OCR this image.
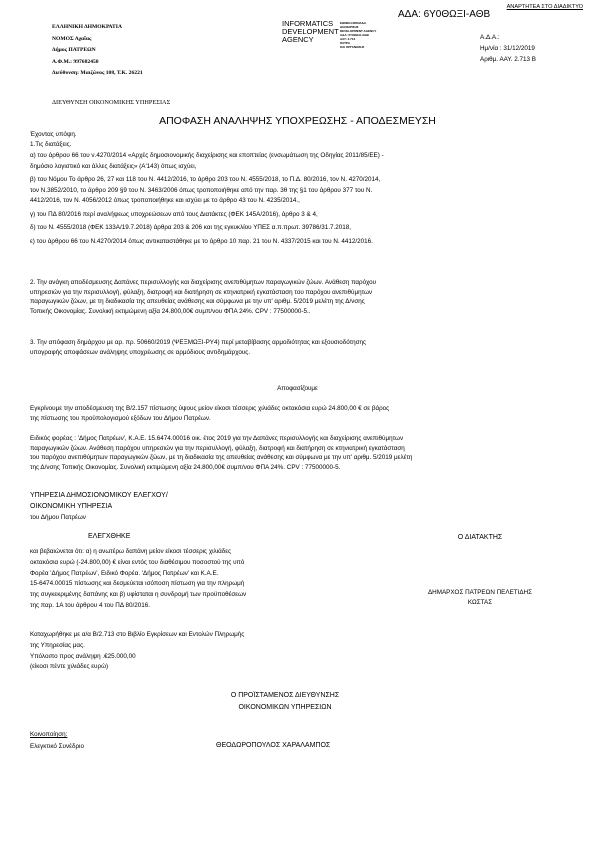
ΑΝΑΡΤΗΤΕΑ ΣΤΟ ΔΙΑΔΙΚΤΥΟ
ΑΔΑ: 6Υ0ΘΩΞΙ-ΑΘΒ
ΕΛΛΗΝΙΚΗ ΔΗΜΟΚΡΑΤΙΑ
ΝΟΜΟΣ Αχαΐας
Δήμος ΠΑΤΡΕΩΝ
Α.Φ.Μ.: 997682450
Διεύθυνση: Μαιζώνος 108, Τ.Κ. 26221
ΔΙΕΥΘΥΝΣΗ ΟΙΚΟΝΟΜΙΚΗΣ ΥΠΗΡΕΣΙΑΣ
INFORMATICS
DEVELOPMENT
AGENCY
ΕΘΝΙΚΗ ΜΟΝΑΔΑ
ΔΙΑΧΕΙΡΙΣΗΣ
DEVELOPMENT AGENCY
ΑΔΑ: 6Υ0ΘΩΞΙ-ΑΘΒ
ΑΑΥ: 2.713
ΠΑΤΡΑ
ΚΑΙ ΟΡΓΑΝΩΣΗΣ
Α.Δ.Α.:
Ημ/νία : 31/12/2019
Αριθμ. ΑΑΥ. 2.713 Β
ΑΠΟΦΑΣΗ ΑΝΑΛΗΨΗΣ ΥΠΟΧΡΕΩΣΗΣ - ΑΠΟΔΕΣΜΕΥΣΗ
Έχοντας υπόψη.
1.Τις διατάξεις.
α) του άρθρου 66 του ν.4270/2014 «Αρχές δημοσιονομικής διαχείρισης και εποπτείας (ενσωμάτωση της Οδηγίας 2011/85/ΕΕ) -
δημόσιο λογιστικό και άλλες διατάξεις» (Α'143) όπως ισχύει,
β) του Νόμου Το άρθρο 26, 27 και 118 του Ν. 4412/2016, το άρθρο 203 του Ν. 4555/2018, το Π.Δ. 80/2016, τον Ν. 4270/2014,
τον Ν.3852/2010, το άρθρο 209 §9 του Ν. 3463/2006 όπως τροποποιήθηκε από την παρ. 3θ της §1 του άρθρου 377 του Ν.
4412/2016, τον Ν. 4056/2012 όπως τροποποιήθηκε και ισχύει με το άρθρο 43 του Ν. 4235/2014.,
γ) του ΠΔ 80/2016 περί αναλήψεως υποχρεώσεων από τους Διατάκτες (ΦΕΚ 145Α/2016), άρθρο 3 & 4,
δ) του Ν. 4555/2018 (ΦΕΚ 133Α/19.7.2018) άρθρα 203 & 206 και της εγκυκλίου ΥΠΕΣ α.π.πρωτ. 39786/31.7.2018,
ε) του άρθρου 66 του Ν.4270/2014 όπως αντικαταστάθηκε με το άρθρο 10 παρ. 21 του Ν. 4337/2015 και του Ν. 4412/2016.
2. Την ανάγκη αποδέσμευσης Δαπάνες περισυλλογής και διαχείρισης ανεπιθύμητων παραγωγικών ζώων. Ανάθεση παρόχου
υπηρεσιών για την περισυλλογή, φύλαξη, διατροφή και διατήρηση σε κτηνιατρική εγκατάσταση του παρόχου ανεπιθύμητων
παραγωγικών ζώων, με τη διαδικασία της απευθείας ανάθεσης και σύμφωνα με την υπ' αριθμ. 5/2019 μελέτη της Δ/νσης
Τοπικής Οικονομίας. Συνολική εκτιμώμενη αξία 24.800,00€ συμπ/νου ΦΠΑ 24%. CPV : 77500000-5..
3. Την απόφαση δημάρχου με αρ. πρ. 50660/2019 (ΨΕΞΜΩΞΙ-ΡΥ4) περί μεταβίβασης αρμοδιότητας και εξουσιοδότησης
υπογραφής αποφάσεων ανάληψης υποχρέωσης σε αρμόδιους αντιδημάρχους.
Αποφασίζουμε
Εγκρίνουμε την αποδέσμευση της Β/2.157 πίστωσης ύψους μείον είκοσι τέσσερις χιλιάδες οκτακόσια ευρώ 24.800,00 € σε βάρος
της πίστωσης του προϋπολογισμού εξόδων του Δήμου Πατρέων.
Ειδικός φορέας : 'Δήμος Πατρέων', Κ.Α.Ε. 15.6474.00016 οικ. έτος 2019 για την Δαπάνες περισυλλογής και διαχείρισης ανεπιθύμητων
παραγωγικών ζώων. Ανάθεση παρόχου υπηρεσιών για την περισυλλογή, φύλαξη, διατροφή και διατήρηση σε κτηνιατρική εγκατάσταση
του παρόχου ανεπιθύμητων παραγωγικών ζώων, με τη διαδικασία της απευθείας ανάθεσης και σύμφωνα με την υπ' αριθμ. 5/2019 μελέτη
της Δ/νσης Τοπικής Οικονομίας. Συνολική εκτιμώμενη αξία 24.800,00€ συμπ/νου ΦΠΑ 24%. CPV : 77500000-5.
ΥΠΗΡΕΣΙΑ ΔΗΜΟΣΙΟΝΟΜΙΚΟΥ ΕΛΕΓΧΟΥ/
ΟΙΚΟΝΟΜΙΚΗ ΥΠΗΡΕΣΙΑ
του Δήμου Πατρέων
ΕΛΕΓΧΘΗΚΕ
και βεβαιώνεται ότι: α) η ανωτέρω δαπάνη μείον είκοσι τέσσερις χιλιάδες
οκτακόσια ευρώ (-24.800,00) € είναι εντός του διαθέσιμου ποσοστού της υπό
Φορέα 'Δήμος Πατρέων', Ειδικό Φορέα. 'Δήμος Πατρέων' και Κ.Α.Ε.
15-6474.00015 πίστωσης και δεσμεύεται ισόποση πίστωση για την πληρωμή
της συγκεκριμένης δαπάνης και β) υφίσταται η συνδρομή των προϋποθέσεων
της παρ. 1Α του άρθρου 4 του ΠΔ 80/2016.
Καταχωρήθηκε με α/α Β/2.713 στο Βιβλίο Εγκρίσεων και Εντολών Πληρωμής
της Υπηρεσίας μας.
Υπόλοιπο προς ανάληψη .€25.000,00
(είκοσι πέντε χιλιάδες ευρώ)
Ο ΔΙΑΤΑΚΤΗΣ
ΔΗΜΑΡΧΟΣ ΠΑΤΡΕΩΝ ΠΕΛΕΤΙΔΗΣ
ΚΩΣΤΑΣ
Ο ΠΡΟΪΣΤΑΜΕΝΟΣ ΔΙΕΥΘΥΝΣΗΣ
ΟΙΚΟΝΟΜΙΚΩΝ ΥΠΗΡΕΣΙΩΝ
Κοινοποίηση:
Ελεγκτικό Συνέδριο	ΘΕΟΔΩΡΟΠΟΥΛΟΣ ΧΑΡΑΛΑΜΠΟΣ
